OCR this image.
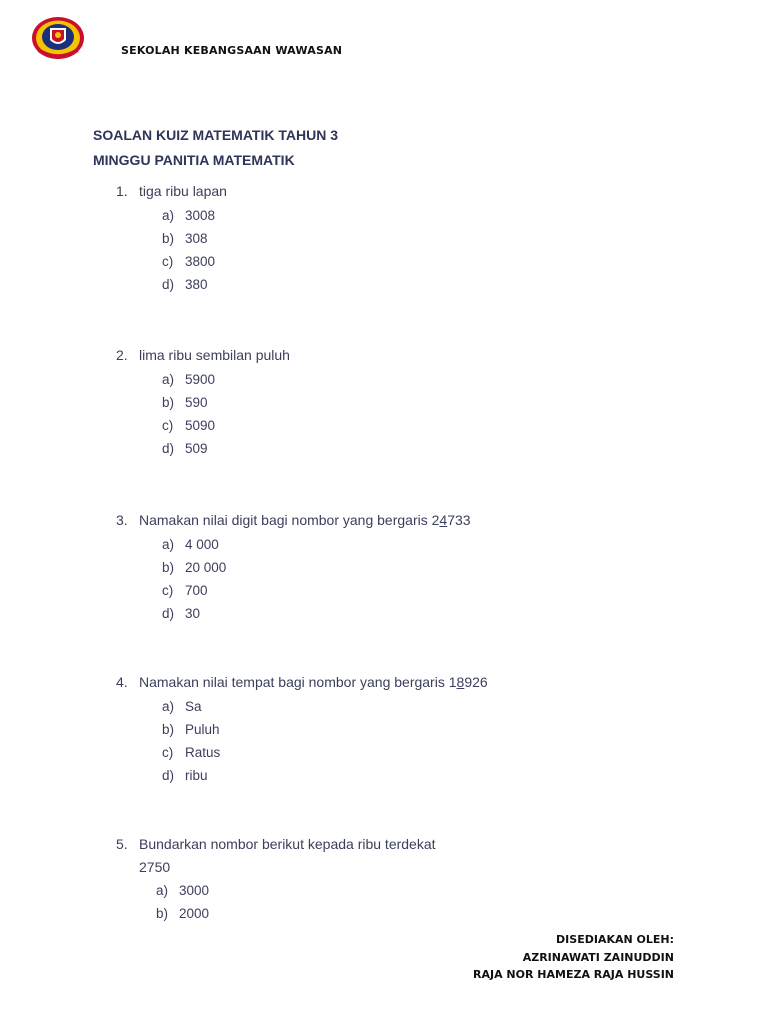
SEKOLAH KEBANGSAAN WAWASAN
SOALAN KUIZ MATEMATIK TAHUN 3
MINGGU PANITIA MATEMATIK
1. tiga ribu lapan
a) 3008
b) 308
c) 3800
d) 380
2. lima ribu sembilan puluh
a) 5900
b) 590
c) 5090
d) 509
3. Namakan nilai digit bagi nombor yang bergaris 24733
a) 4 000
b) 20 000
c) 700
d) 30
4. Namakan nilai tempat bagi nombor yang bergaris 18926
a) Sa
b) Puluh
c) Ratus
d) ribu
5. Bundarkan nombor berikut kepada ribu terdekat
2750
a) 3000
b) 2000
DISEDIAKAN OLEH:
AZRINAWATI ZAINUDDIN
RAJA NOR HAMEZA RAJA HUSSIN
